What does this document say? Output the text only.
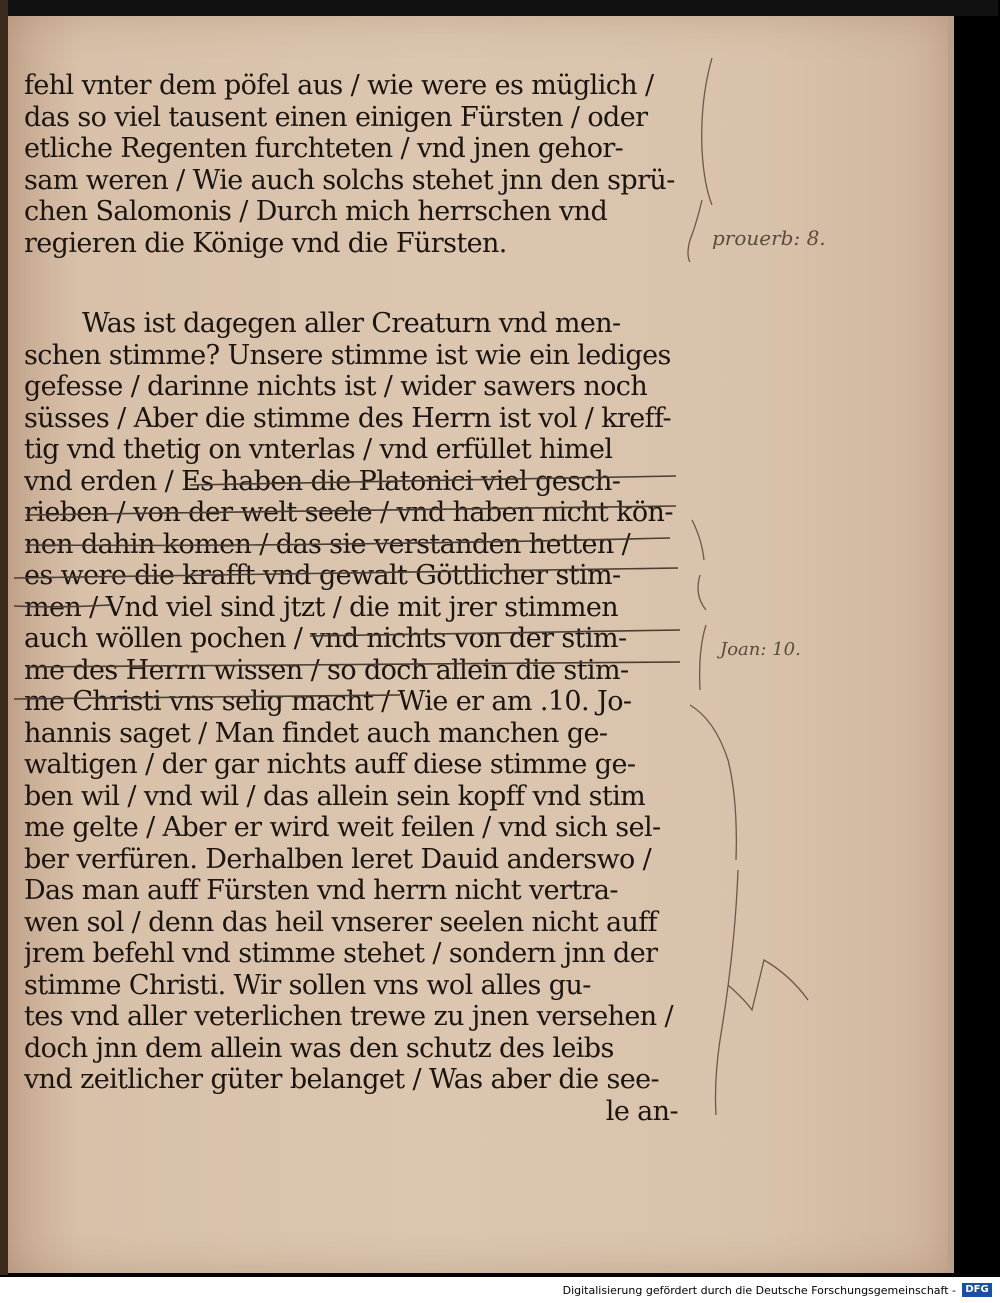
fehl vnter dem pöfel aus / wie were es müglich /
das so viel tausent einen einigen Fürsten / oder
etliche Regenten furchteten / vnd jnen gehor-
sam weren / Wie auch solchs stehet jnn den sprü-
chen Salomonis / Durch mich herrschen vnd
regieren die Könige vnd die Fürsten.
Was ist dagegen aller Creaturn vnd men-
schen stimme? Unsere stimme ist wie ein lediges
gefesse / darinne nichts ist / wider sawers noch
süsses / Aber die stimme des Herrn ist vol / kreff-
tig vnd thetig on vnterlas / vnd erfüllet himel
vnd erden / Es haben die Platonici viel gesch-
rieben / von der welt seele / vnd haben nicht kön-
nen dahin komen / das sie verstanden hetten /
es were die krafft vnd gewalt Göttlicher stim-
men / Vnd viel sind jtzt / die mit jrer stimmen
auch wöllen pochen / vnd nichts von der stim-
me des Herrn wissen / so doch allein die stim-
me Christi vns selig macht / Wie er am .10. Jo-
hannis saget / Man findet auch manchen ge-
waltigen / der gar nichts auff diese stimme ge-
ben wil / vnd wil / das allein sein kopff vnd stim
me gelte / Aber er wird weit feilen / vnd sich sel-
ber verfüren. Derhalben leret Dauid anderswo /
Das man auff Fürsten vnd herrn nicht vertra-
wen sol / denn das heil vnserer seelen nicht auff
jrem befehl vnd stimme stehet / sondern jnn der
stimme Christi. Wir sollen vns wol alles gu-
tes vnd aller veterlichen trewe zu jnen versehen /
doch jnn dem allein was den schutz des leibs
vnd zeitlicher güter belanget / Was aber die see-
le an-
prouerb: 8.
Joan: 10.
Digitalisierung gefördert durch die Deutsche Forschungsgemeinschaft - DFG
